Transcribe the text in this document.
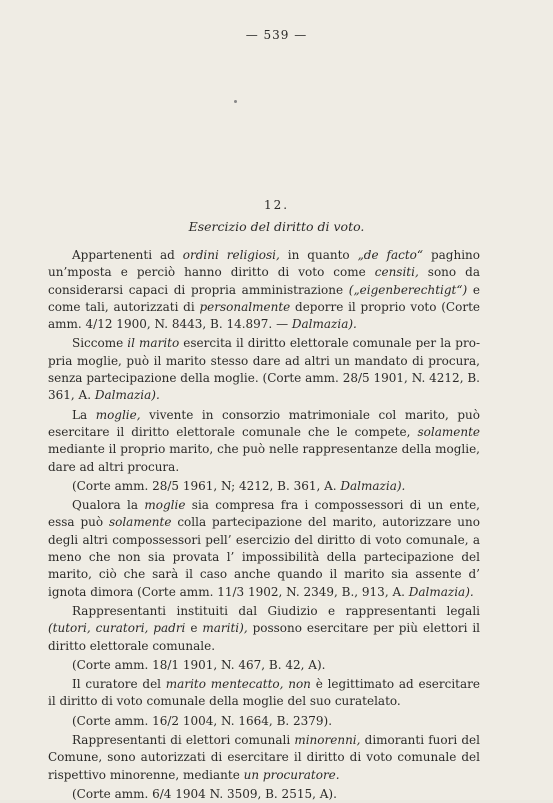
— 539 —
12.
Esercizio del diritto di voto.

Appartenenti ad ordini religiosi, in quanto „de facto“ paghino un’mposta e perciò hanno diritto di voto come censiti, sono da considerarsi capaci di propria amministrazione („eigenberechtigt“) e come tali, autorizzati di personalmente deporre il proprio voto (Corte amm. 4/12 1900, N. 8443, B. 14.897. — Dalmazia).

Siccome il marito esercita il diritto elettorale comunale per la propria moglie, può il marito stesso dare ad altri un mandato di procura, senza partecipazione della moglie. (Corte amm. 28/5 1901, N. 4212, B. 361, A. Dalmazia).

La moglie, vivente in consorzio matrimoniale col marito, può esercitare il diritto elettorale comunale che le compete, solamente mediante il proprio marito, che può nelle rappresentanze della moglie, dare ad altri procura.

(Corte amm. 28/5 1961, N; 4212, B. 361, A. Dalmazia).

Qualora la moglie sia compresa fra i compossessori di un ente, essa può solamente colla partecipazione del marito, autorizzare uno degli altri compossessori pell’ esercizio del diritto di voto comunale, a meno che non sia provata l’ impossibilità della partecipazione del marito, ciò che sarà il caso anche quando il marito sia assente d’ ignota dimora (Corte amm. 11/3 1902, N. 2349, B., 913, A. Dalmazia).

Rappresentanti instituiti dal Giudizio e rappresentanti legali (tutori, curatori, padri e mariti), possono esercitare per più elettori il diritto elettorale comunale.

(Corte amm. 18/1 1901, N. 467, B. 42, A).

Il curatore del marito mentecatto, non è legittimato ad esercitare il diritto di voto comunale della moglie del suo curatelato.

(Corte amm. 16/2 1004, N. 1664, B. 2379).

Rappresentanti di elettori comunali minorenni, dimoranti fuori del Comune, sono autorizzati di esercitare il diritto di voto comunale del rispettivo minorenne, mediante un procuratore.

(Corte amm. 6/4 1904 N. 3509, B. 2515, A).
